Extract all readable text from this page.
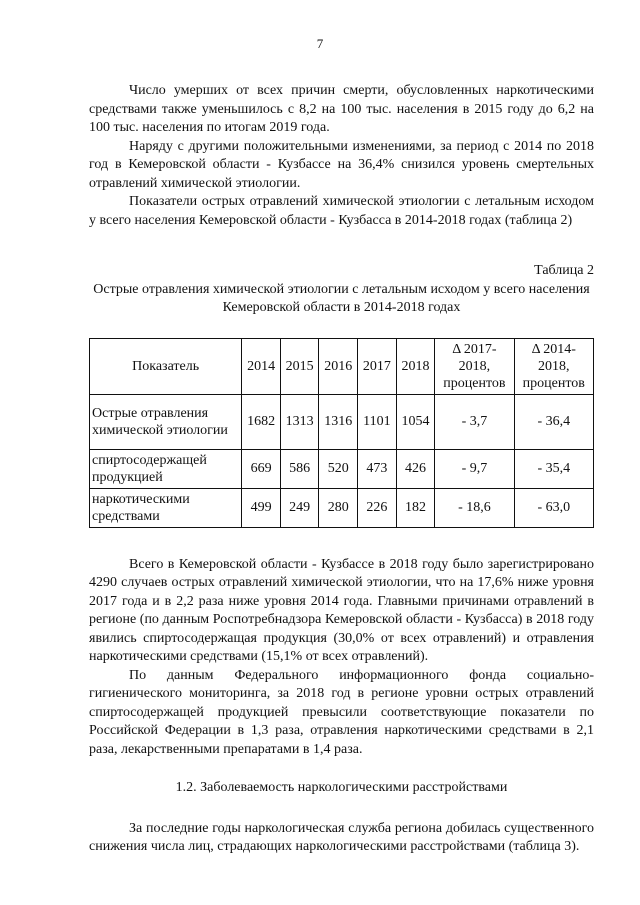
7

Число умерших от всех причин смерти, обусловленных наркотическими средствами также уменьшилось с 8,2 на 100 тыс. населения в 2015 году до 6,2 на 100 тыс. населения по итогам 2019 года.

Наряду с другими положительными изменениями, за период с 2014 по 2018 год в Кемеровской области - Кузбассе на 36,4% снизился уровень смертельных отравлений химической этиологии.

Показатели острых отравлений химической этиологии с летальным исходом у всего населения Кемеровской области - Кузбасса в 2014-2018 годах (таблица 2)

Таблица 2
Острые отравления химической этиологии с летальным исходом у всего населения Кемеровской области в 2014-2018 годах
Показатель	2014	2015	2016	2017	2018	Δ 2017-2018, процентов	Δ 2014-2018, процентов
Острые отравления химической этиологии	1682	1313	1316	1101	1054	- 3,7	- 36,4
спиртосодержащей продукцией	669	586	520	473	426	- 9,7	- 35,4
наркотическими средствами	499	249	280	226	182	- 18,6	- 63,0

Всего в Кемеровской области - Кузбассе в 2018 году было зарегистрировано 4290 случаев острых отравлений химической этиологии, что на 17,6% ниже уровня 2017 года и в 2,2 раза ниже уровня 2014 года. Главными причинами отравлений в регионе (по данным Роспотребнадзора Кемеровской области - Кузбасса) в 2018 году явились спиртосодержащая продукция (30,0% от всех отравлений) и отравления наркотическими средствами (15,1% от всех отравлений).

По данным Федерального информационного фонда социально-гигиенического мониторинга, за 2018 год в регионе уровни острых отравлений спиртосодержащей продукцией превысили соответствующие показатели по Российской Федерации в 1,3 раза, отравления наркотическими средствами в 2,1 раза, лекарственными препаратами в 1,4 раза.

1.2. Заболеваемость наркологическими расстройствами

За последние годы наркологическая служба региона добилась существенного снижения числа лиц, страдающих наркологическими расстройствами (таблица 3).
